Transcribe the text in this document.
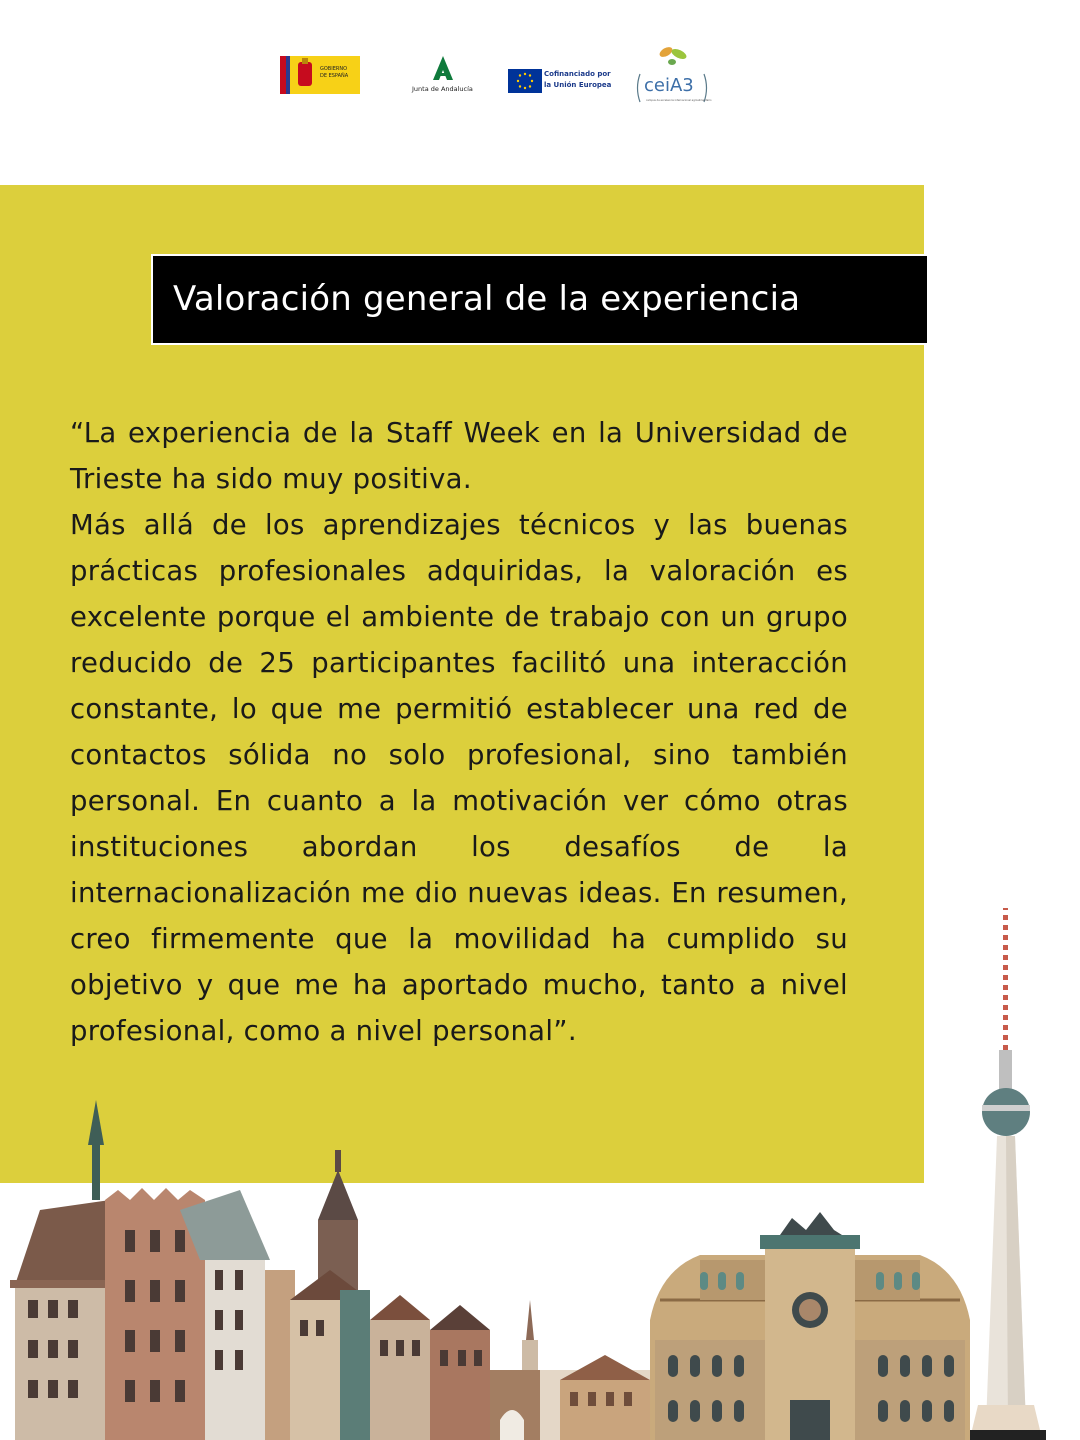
GOBIERNO
DE ESPAÑA
Junta de Andalucía
Cofinanciado por
la Unión Europea ceiA3
campus de excelencia internacional agroalimentario
Valoración general de la experiencia

“La experiencia de la Staff Week en la Universidad de Trieste ha sido muy positiva.

Más allá de los aprendizajes técnicos y las buenas prácticas profesionales adquiridas, la valoración es excelente porque el ambiente de trabajo con un grupo reducido de 25 participantes facilitó una interacción constante, lo que me permitió establecer una red de contactos sólida no solo profesional, sino también personal. En cuanto a la motivación ver cómo otras instituciones abordan los desafíos de la internacionalización me dio nuevas ideas. En resumen, creo firmemente que la movilidad ha cumplido su objetivo y que me ha aportado mucho, tanto a nivel profesional, como a nivel personal”.
